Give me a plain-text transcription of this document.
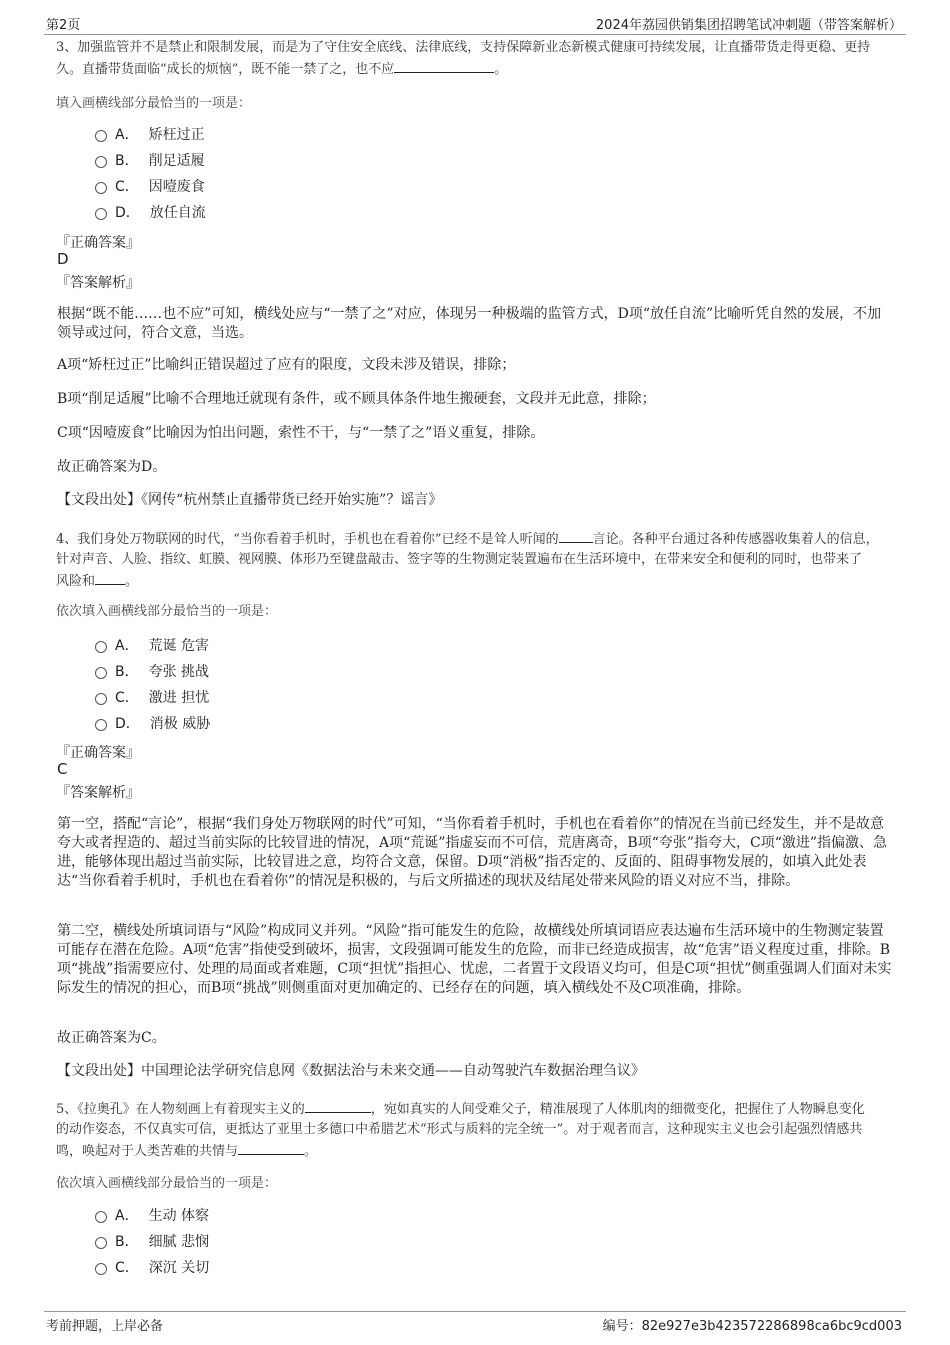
第2页	2024年荔园供销集团招聘笔试冲刺题（带答案解析）
3、加强监管并不是禁止和限制发展，而是为了守住安全底线、法律底线，支持保障新业态新模式健康可持续发展，让直播带货走得更稳、更持
久。直播带货面临“成长的烦恼”，既不能一禁了之，也不应	。
填入画横线部分最恰当的一项是：
A． 矫枉过正
B． 削足适履
C． 因噎废食
D． 放任自流
『正确答案』
D
『答案解析』
根据“既不能……也不应”可知，横线处应与“一禁了之”对应，体现另一种极端的监管方式，D项“放任自流”比喻听凭自然的发展，不加领导或过问，符合文意，当选。
A项“矫枉过正”比喻纠正错误超过了应有的限度，文段未涉及错误，排除；
B项“削足适履”比喻不合理地迁就现有条件，或不顾具体条件地生搬硬套，文段并无此意，排除；
C项“因噎废食”比喻因为怕出问题，索性不干，与“一禁了之”语义重复，排除。
故正确答案为D。
【文段出处】《网传“杭州禁止直播带货已经开始实施”？谣言》
4、我们身处万物联网的时代，“当你看着手机时，手机也在看着你”已经不是耸人听闻的	言论。各种平台通过各种传感器收集着人的信息，
针对声音、人脸、指纹、虹膜、视网膜、体形乃至键盘敲击、签字等的生物测定装置遍布在生活环境中，在带来安全和便利的同时，也带来了
风险和 。
依次填入画横线部分最恰当的一项是：
A． 荒诞 危害
B． 夸张 挑战
C． 激进 担忧
D． 消极 威胁
『正确答案』
C
『答案解析』
第一空，搭配“言论”，根据“我们身处万物联网的时代”可知，“当你看着手机时，手机也在看着你”的情况在当前已经发生，并不是故意夸大或者捏造的、超过当前实际的比较冒进的情况，A项“荒诞”指虚妄而不可信，荒唐离奇，B项“夸张”指夸大，C项“激进”指偏激、急进，能够体现出超过当前实际，比较冒进之意，均符合文意，保留。D项“消极”指否定的、反面的、阻碍事物发展的，如填入此处表达“当你看着手机时，手机也在看着你”的情况是积极的，与后文所描述的现状及结尾处带来风险的语义对应不当，排除。
第二空，横线处所填词语与“风险”构成同义并列。“风险”指可能发生的危险，故横线处所填词语应表达遍布生活环境中的生物测定装置可能存在潜在危险。A项“危害”指使受到破坏，损害，文段强调可能发生的危险，而非已经造成损害，故“危害”语义程度过重，排除。B项“挑战”指需要应付、处理的局面或者难题，C项“担忧”指担心、忧虑，二者置于文段语义均可，但是C项“担忧”侧重强调人们面对未实际发生的情况的担心，而B项“挑战”则侧重面对更加确定的、已经存在的问题，填入横线处不及C项准确，排除。
故正确答案为C。
【文段出处】中国理论法学研究信息网《数据法治与未来交通——自动驾驶汽车数据治理刍议》
5、《拉奥孔》在人物刻画上有着现实主义的	，宛如真实的人间受难父子，精准展现了人体肌肉的细微变化，把握住了人物瞬息变化
的动作姿态，不仅真实可信，更抵达了亚里士多德口中希腊艺术“形式与质料的完全统一”。对于观者而言，这种现实主义也会引起强烈情感共
鸣，唤起对于人类苦难的共情与	。
依次填入画横线部分最恰当的一项是：
A． 生动 体察
B． 细腻 悲悯
C． 深沉 关切
考前押题，上岸必备	编号：82e927e3b423572286898ca6bc9cd003
